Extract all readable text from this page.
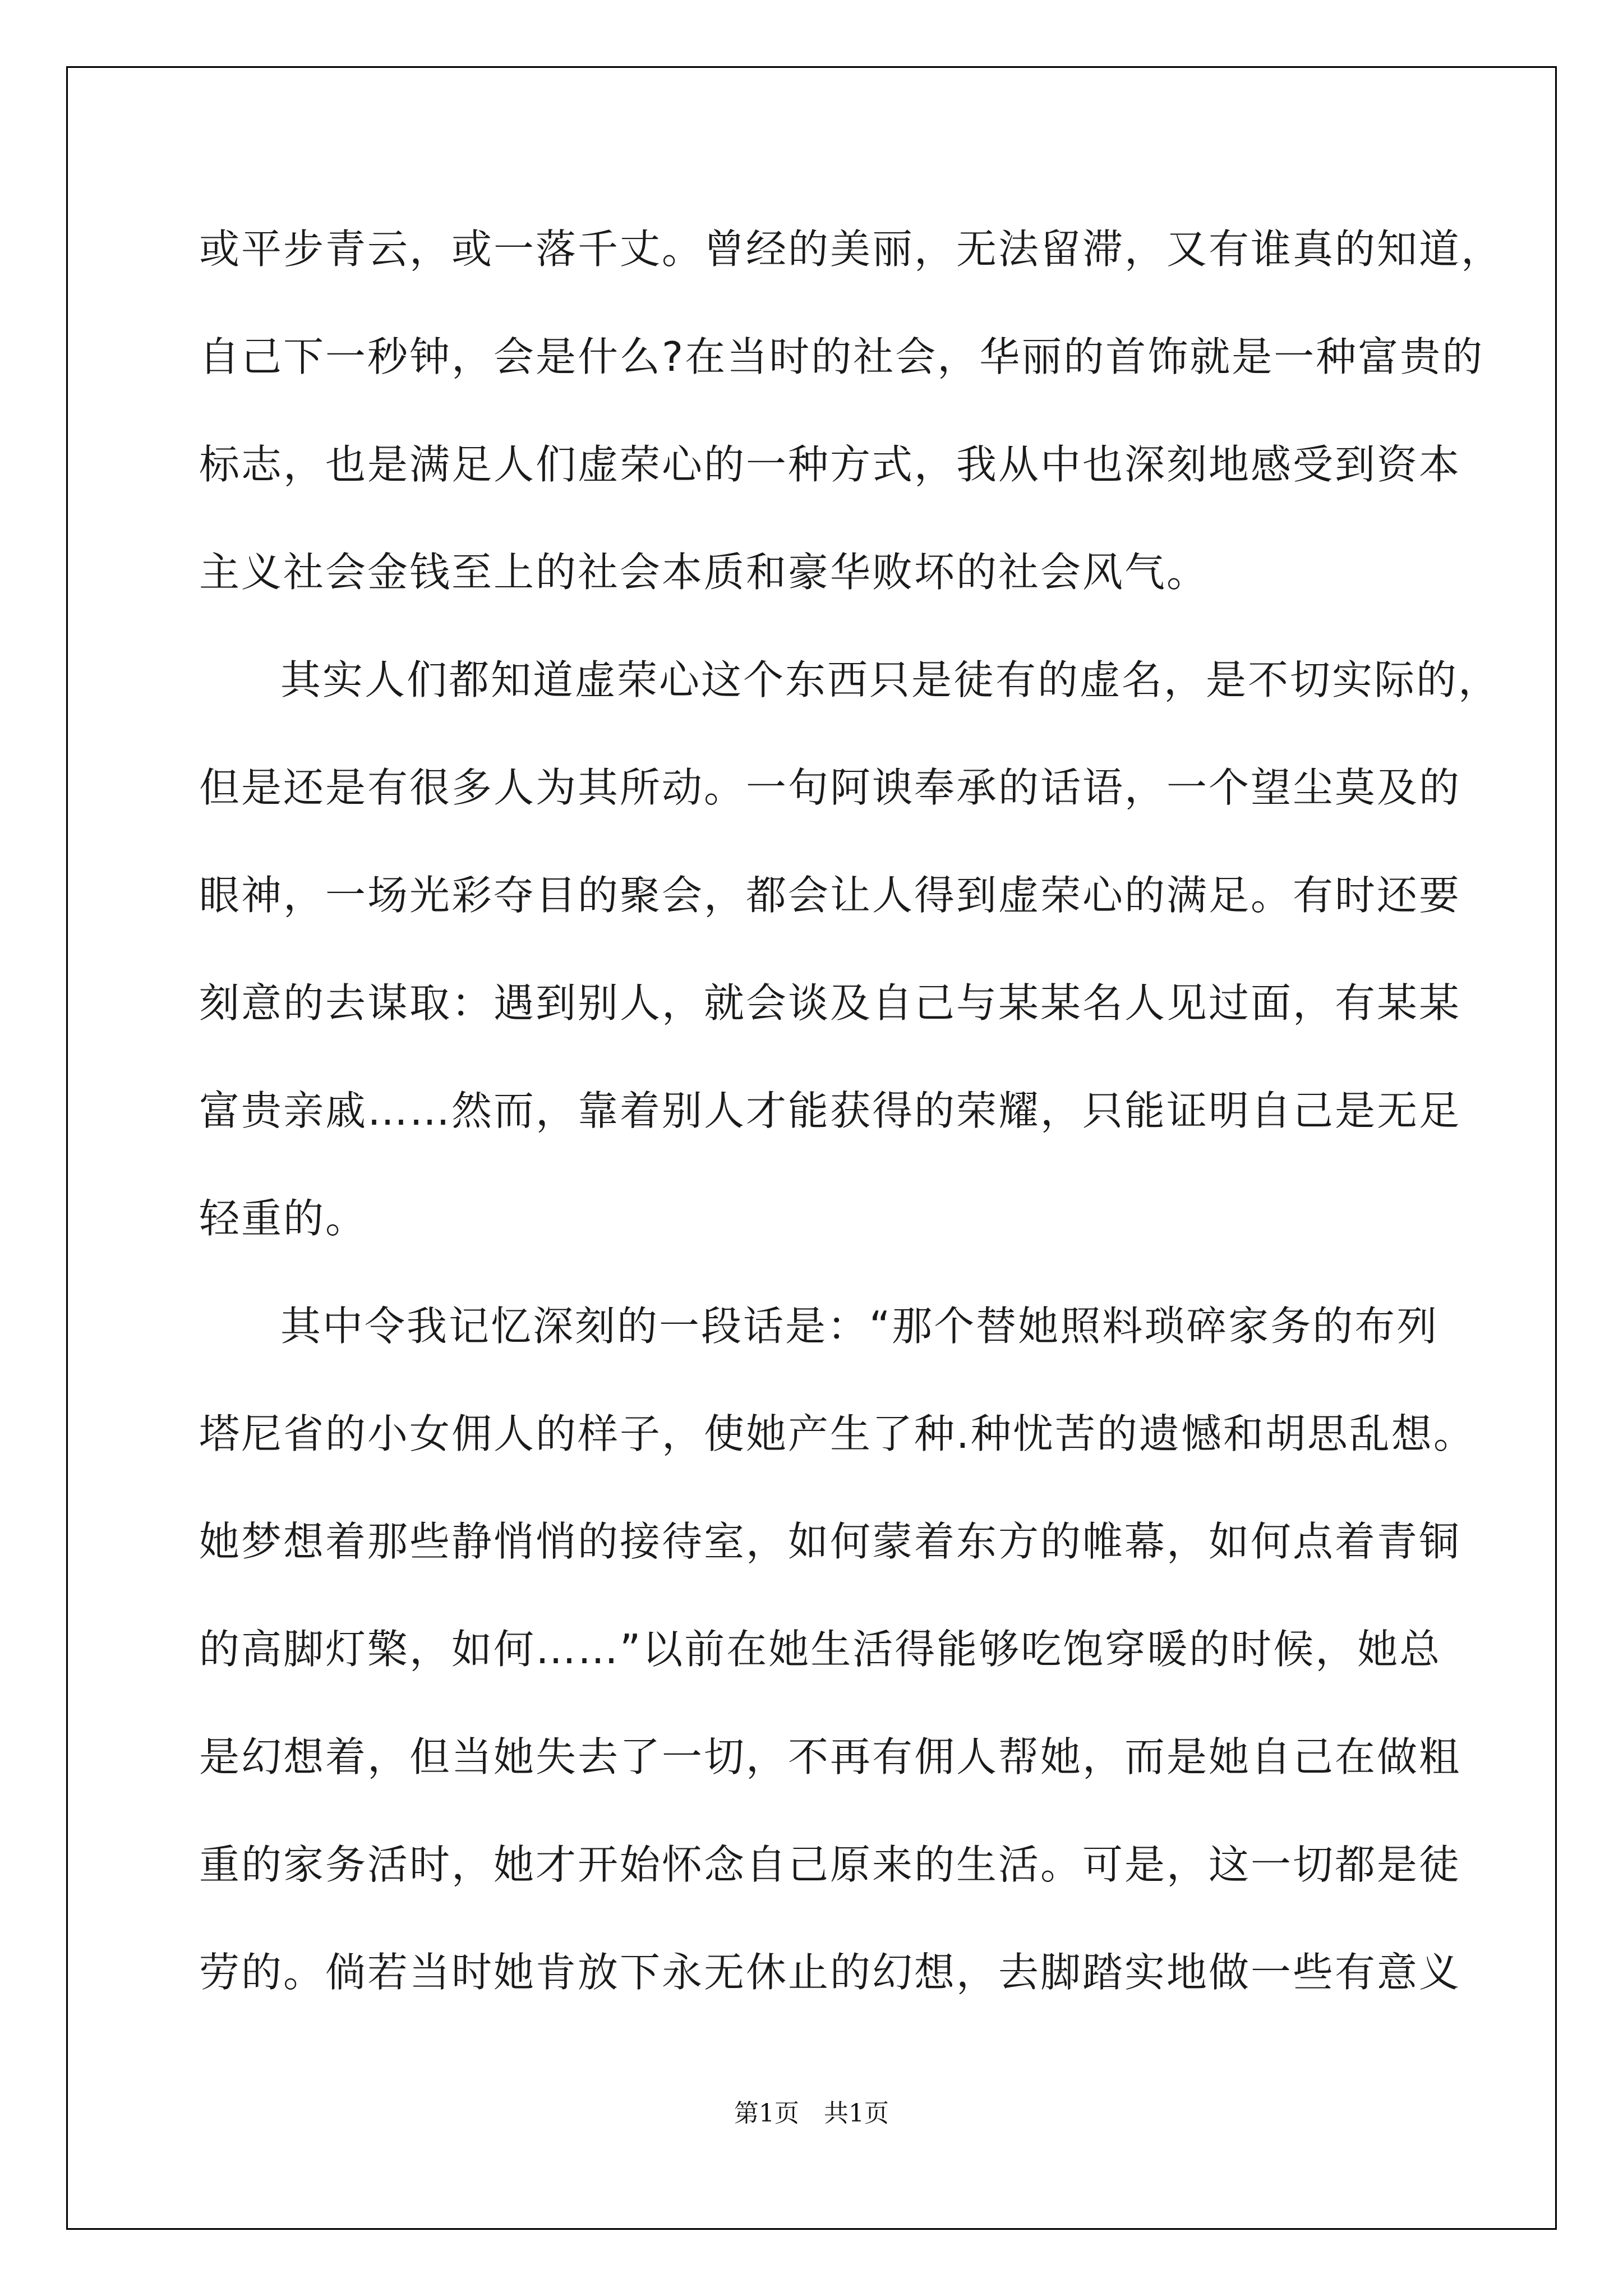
或平步青云，或一落千丈。曾经的美丽，无法留滞，又有谁真的知道，
自己下一秒钟，会是什么?在当时的社会，华丽的首饰就是一种富贵的
标志，也是满足人们虚荣心的一种方式，我从中也深刻地感受到资本
主义社会金钱至上的社会本质和豪华败坏的社会风气。
其实人们都知道虚荣心这个东西只是徒有的虚名，是不切实际的，
但是还是有很多人为其所动。一句阿谀奉承的话语，一个望尘莫及的
眼神，一场光彩夺目的聚会，都会让人得到虚荣心的满足。有时还要
刻意的去谋取：遇到别人，就会谈及自己与某某名人见过面，有某某
富贵亲戚……然而，靠着别人才能获得的荣耀，只能证明自己是无足
轻重的。
其中令我记忆深刻的一段话是：“那个替她照料琐碎家务的布列
塔尼省的小女佣人的样子，使她产生了种.种忧苦的遗憾和胡思乱想。
她梦想着那些静悄悄的接待室，如何蒙着东方的帷幕，如何点着青铜
的高脚灯檠，如何……”以前在她生活得能够吃饱穿暖的时候，她总
是幻想着，但当她失去了一切，不再有佣人帮她，而是她自己在做粗
重的家务活时，她才开始怀念自己原来的生活。可是，这一切都是徒
劳的。倘若当时她肯放下永无休止的幻想，去脚踏实地做一些有意义
第1页　共1页
